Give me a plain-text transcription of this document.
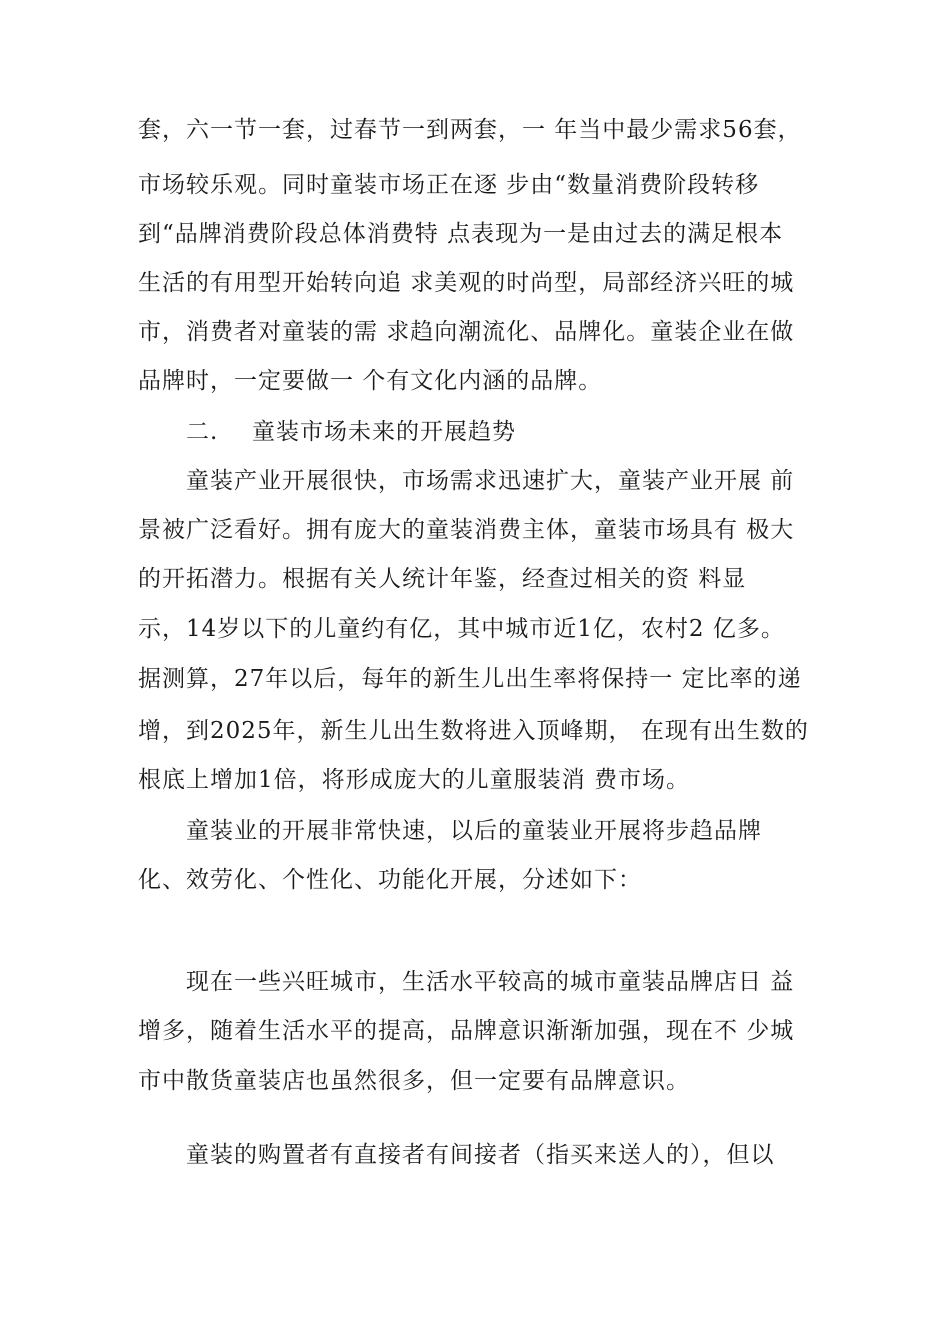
套，六一节一套，过春节一到两套，一 年当中最少需求56套，
市场较乐观。同时童装市场正在逐 步由“数量消费阶段转移
到“品牌消费阶段总体消费特 点表现为一是由过去的满足根本
生活的有用型开始转向追 求美观的时尚型，局部经济兴旺的城
市，消费者对童装的需 求趋向潮流化、品牌化。童装企业在做
品牌时，一定要做一 个有文化内涵的品牌。
二. 童装市场未来的开展趋势
童装产业开展很快，市场需求迅速扩大，童装产业开展 前
景被广泛看好。拥有庞大的童装消费主体，童装市场具有 极大
的开拓潜力。根据有关人统计年鉴，经查过相关的资 料显
示，14岁以下的儿童约有亿，其中城市近1亿，农村2 亿多。
据测算，27年以后，每年的新生儿出生率将保持一 定比率的递
增，到2025年，新生儿出生数将进入顶峰期， 在现有出生数的
根底上增加1倍，将形成庞大的儿童服装消 费市场。
童装业的开展非常快速，以后的童装业开展将步趋品牌
化、效劳化、个性化、功能化开展，分述如下：
现在一些兴旺城市，生活水平较高的城市童装品牌店日 益
增多，随着生活水平的提高，品牌意识渐渐加强，现在不 少城
市中散货童装店也虽然很多，但一定要有品牌意识。
童装的购置者有直接者有间接者（指买来送人的），但以
